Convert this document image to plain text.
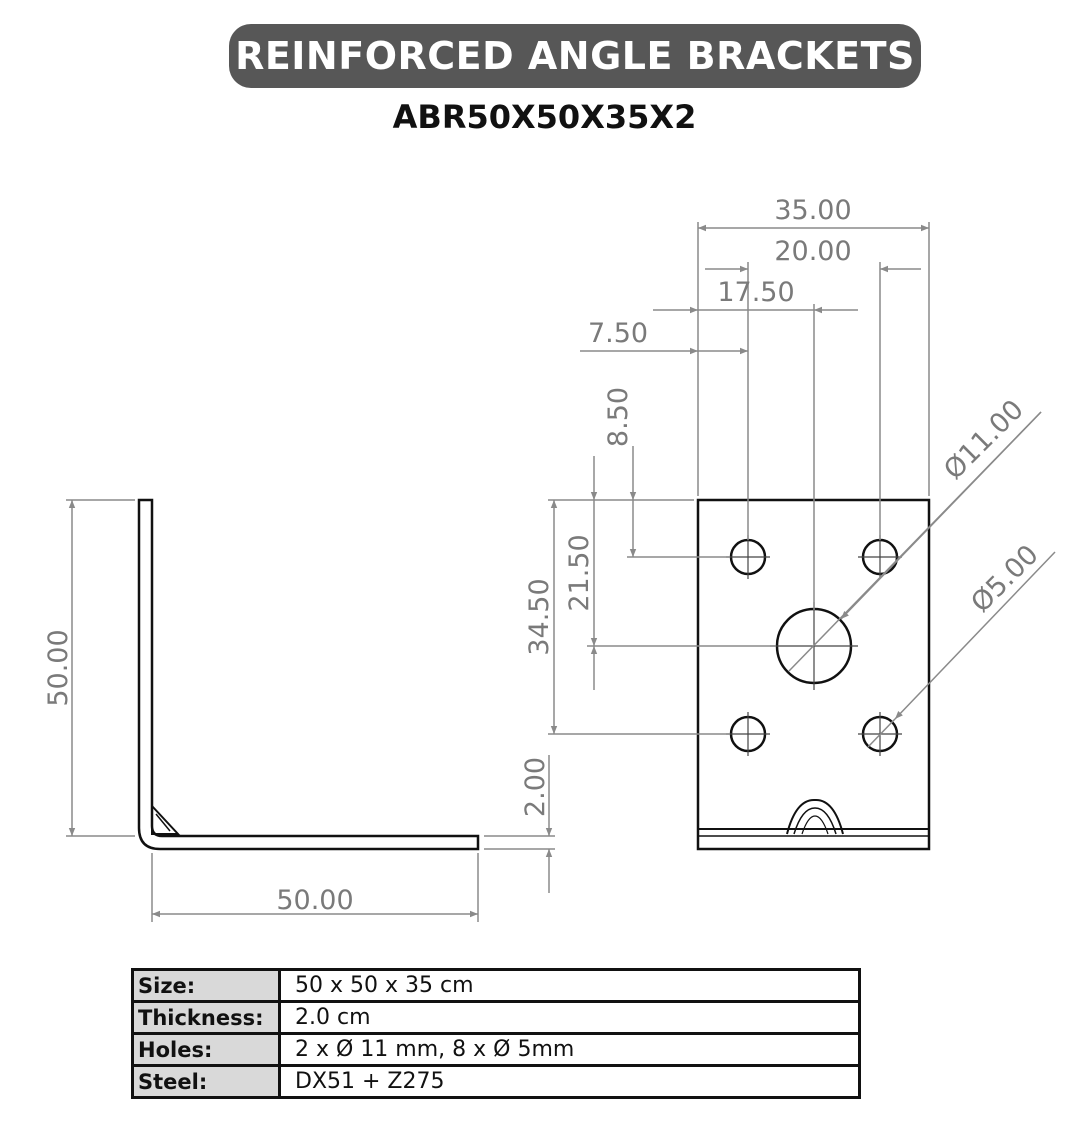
REINFORCED ANGLE BRACKETS
ABR50X50X35X2
50.00
50.00
2.00
35.00
20.00
17.50
7.50
8.50
21.50
34.50
Ø11.00
Ø5.00
Size:	50 x 50 x 35 cm
Thickness:	2.0 cm
Holes:	2 x Ø 11 mm, 8 x Ø 5mm
Steel:	DX51 + Z275
